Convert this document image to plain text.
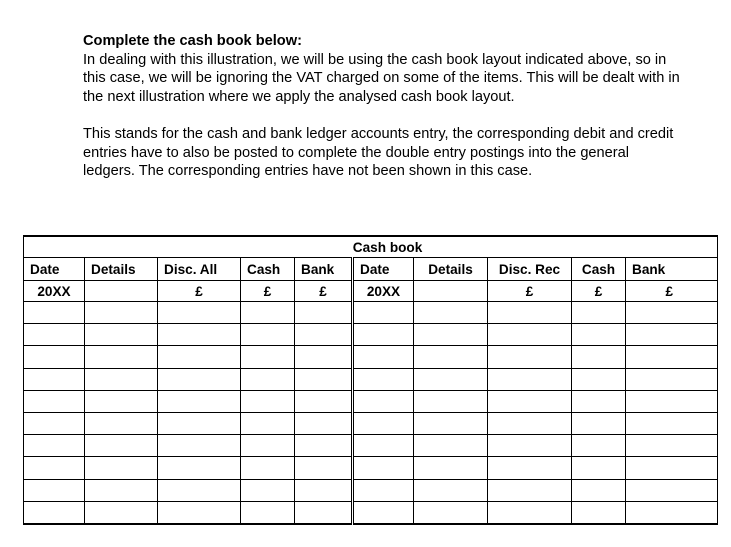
Complete the cash book below:

In dealing with this illustration, we will be using the cash book layout indicated above, so in this case, we will be ignoring the VAT charged on some of the items. This will be dealt with in the next illustration where we apply the analysed cash book layout.

This stands for the cash and bank ledger accounts entry, the corresponding debit and credit entries have to also be posted to complete the double entry postings into the general ledgers. The corresponding entries have not been shown in this case.

Cash book									
Date	Details	Disc. All	Cash	Bank	Date	Details	Disc. Rec	Cash	Bank
20XX		£	£	£	20XX		£	£	£
